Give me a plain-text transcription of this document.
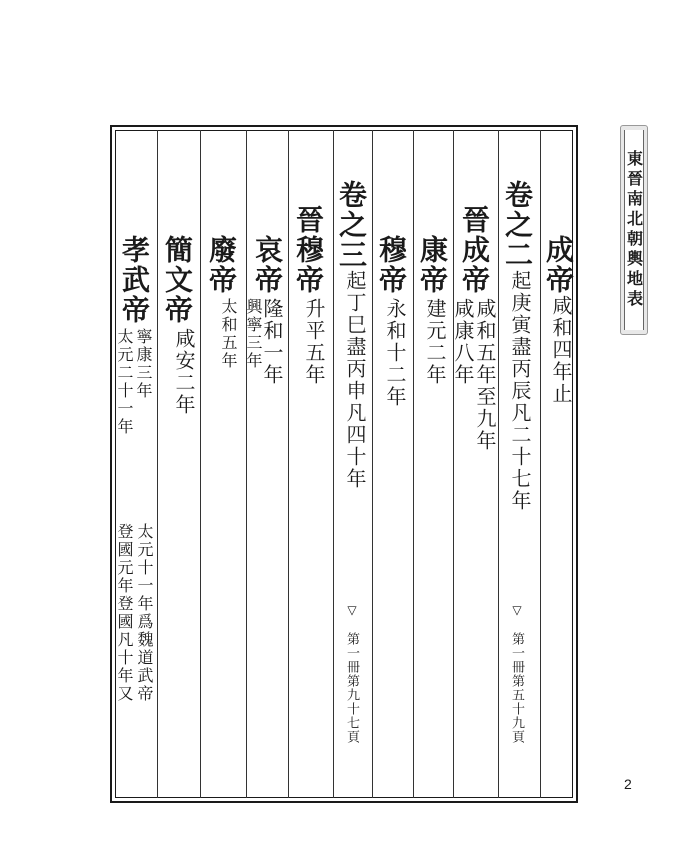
成帝
咸和四年止
卷之二
起庚寅盡丙辰凡二十七年
▽
第一冊第五十九頁
晉成帝
咸和五年至九年
咸康八年
康帝
建元二年
穆帝
永和十二年
卷之三
起丁巳盡丙申凡四十年
▽
第一冊第九十七頁
晉穆帝
升平五年
哀帝
隆和一年
興寧三年
廢帝
太和五年
簡文帝
咸安二年
孝武帝
寧康三年
太元二十一年
太元十一年爲魏道武帝
登國元年登國凡十年又
東晉南北朝輿地表
2
